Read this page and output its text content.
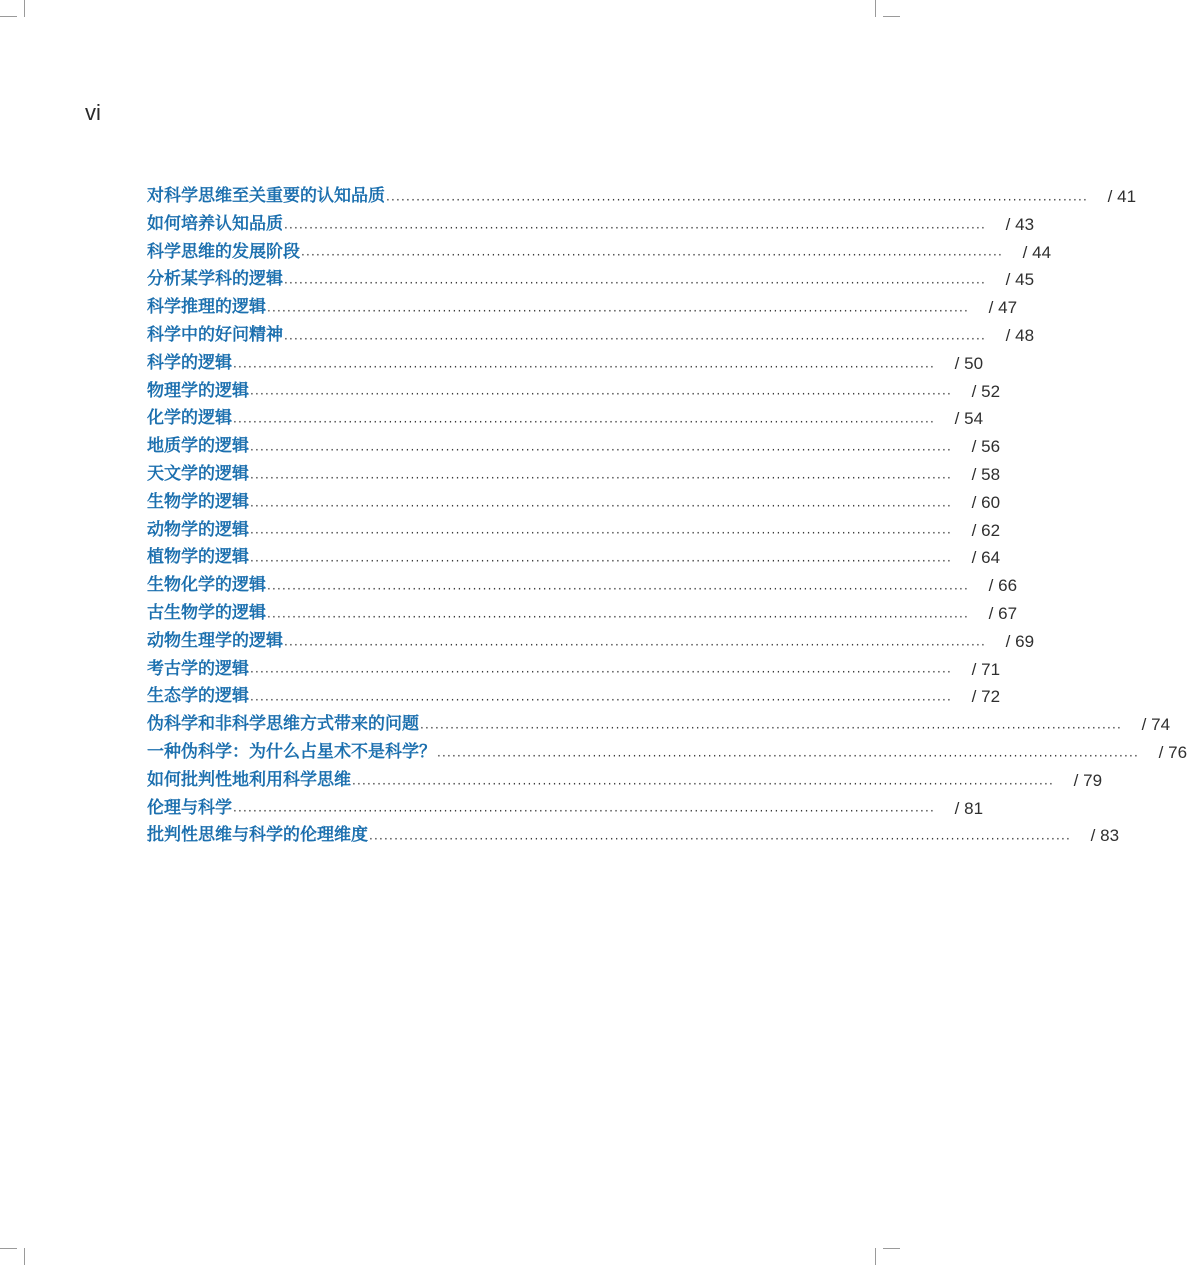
vi

对科学思维至关重要的认知品质 ············································································································································	/ 41
如何培养认知品质 ············································································································································	/ 43
科学思维的发展阶段 ············································································································································	/ 44
分析某学科的逻辑 ············································································································································	/ 45
科学推理的逻辑 ············································································································································	/ 47
科学中的好问精神 ············································································································································	/ 48
科学的逻辑 ············································································································································	/ 50
物理学的逻辑 ············································································································································	/ 52
化学的逻辑 ············································································································································	/ 54
地质学的逻辑 ············································································································································	/ 56
天文学的逻辑 ············································································································································	/ 58
生物学的逻辑 ············································································································································	/ 60
动物学的逻辑 ············································································································································	/ 62
植物学的逻辑 ············································································································································	/ 64
生物化学的逻辑 ············································································································································	/ 66
古生物学的逻辑 ············································································································································	/ 67
动物生理学的逻辑 ············································································································································	/ 69
考古学的逻辑 ············································································································································	/ 71
生态学的逻辑 ············································································································································	/ 72
伪科学和非科学思维方式带来的问题 ············································································································································	/ 74
一种伪科学：为什么占星术不是科学？ ············································································································································	/ 76
如何批判性地利用科学思维 ············································································································································	/ 79
伦理与科学 ············································································································································	/ 81
批判性思维与科学的伦理维度 ············································································································································	/ 83
